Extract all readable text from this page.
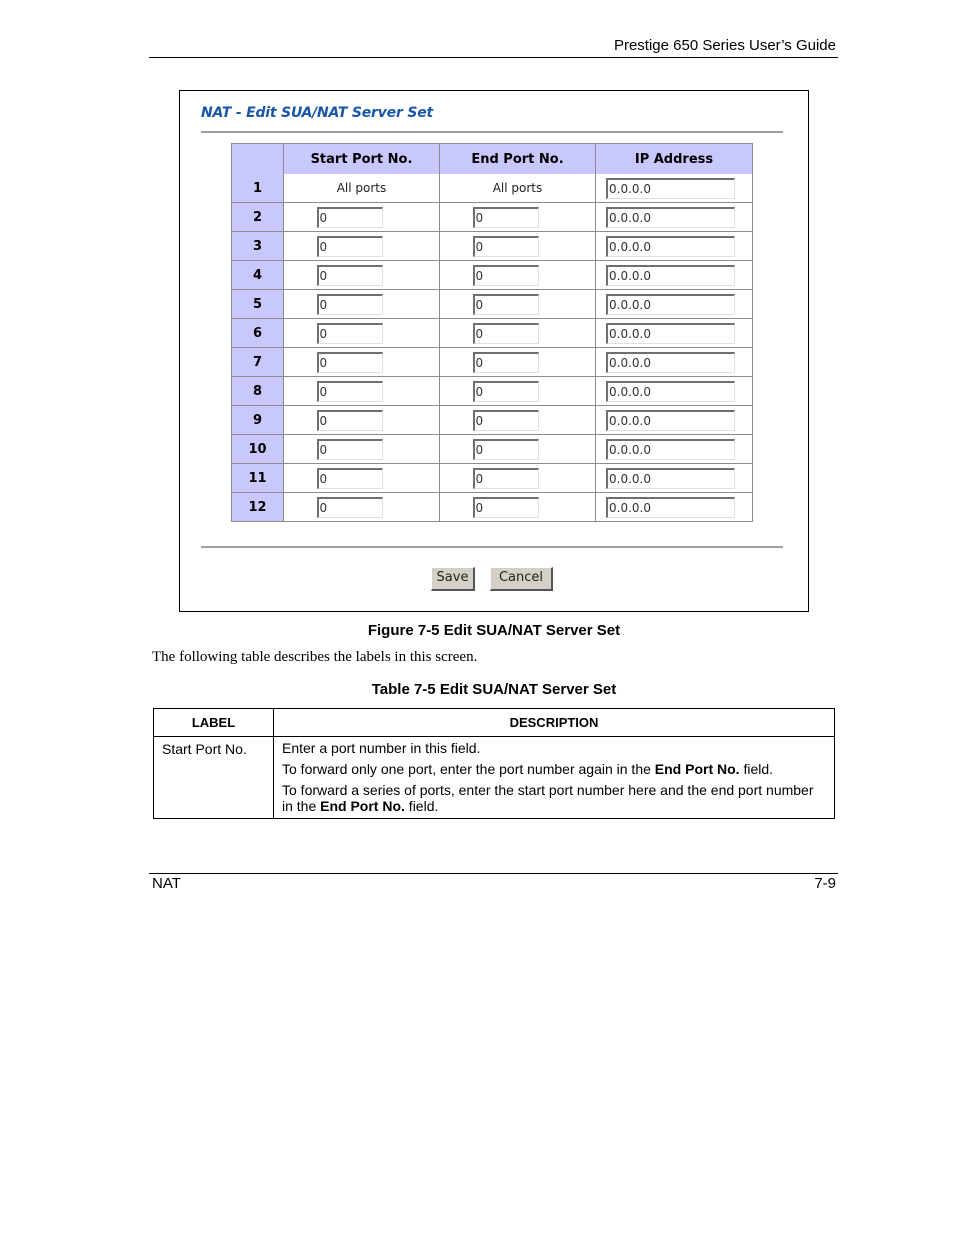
Prestige 650 Series User’s Guide
NAT - Edit SUA/NAT Server Set
	Start Port No.	End Port No.	IP Address
1	All ports	All ports	0.0.0.0
2	0	0	0.0.0.0
3	0	0	0.0.0.0
4	0	0	0.0.0.0
5	0	0	0.0.0.0
6	0	0	0.0.0.0
7	0	0	0.0.0.0
8	0	0	0.0.0.0
9	0	0	0.0.0.0
10	0	0	0.0.0.0
11	0	0	0.0.0.0
12	0	0	0.0.0.0
Save	Cancel
Figure 7-5 Edit SUA/NAT Server Set
The following table describes the labels in this screen.
Table 7-5 Edit SUA/NAT Server Set
LABEL	DESCRIPTION
Start Port No.	Enter a port number in this field.

To forward only one port, enter the port number again in the End Port No. field.

To forward a series of ports, enter the start port number here and the end port number in the End Port No. field.

NAT	7-9
